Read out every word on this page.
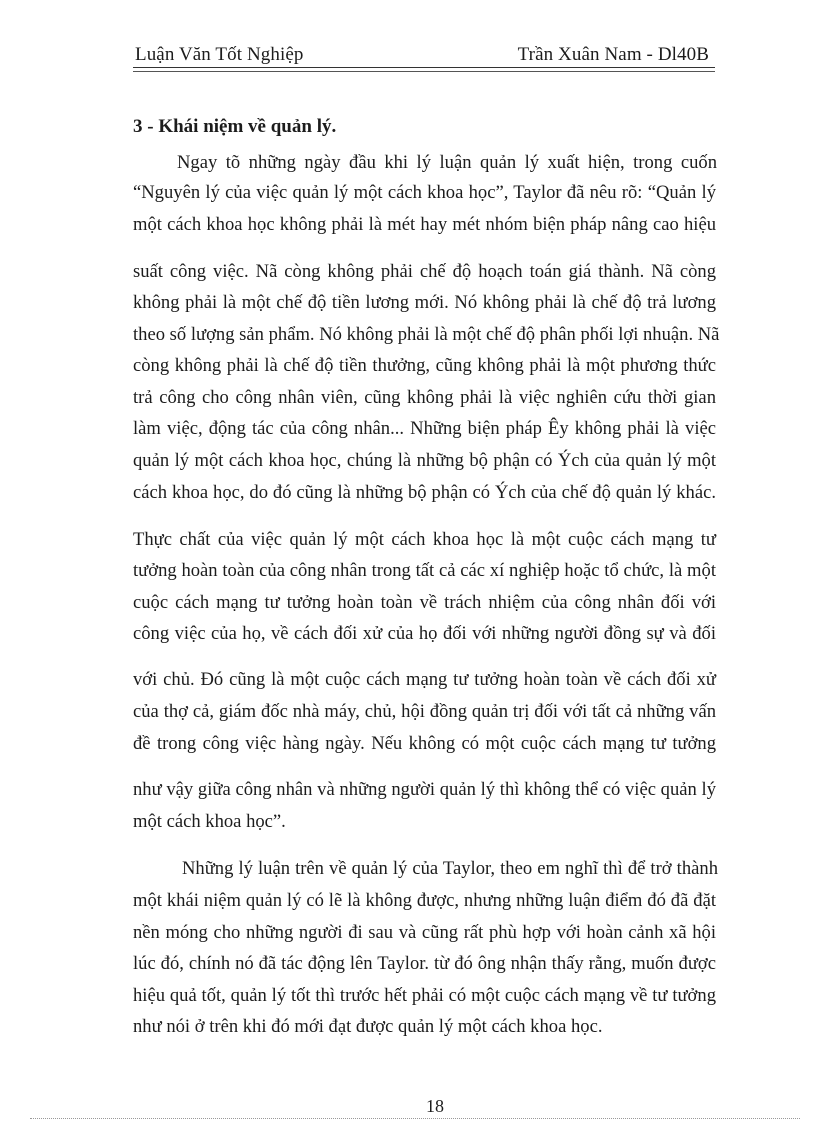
Luận Văn Tốt Nghiệp	Trần Xuân Nam - Dl40B
3 - Khái niệm về quản lý.
Ngay tõ những ngày đầu khi lý luận quản lý xuất hiện, trong cuốn
“Nguyên lý của việc quản lý một cách khoa học”, Taylor đã nêu rõ: “Quản lý
một cách khoa học không phải là mét hay mét nhóm biện pháp nâng cao hiệu
suất công việc. Nã còng không phải chế độ hoạch toán giá thành. Nã còng
không phải là một chế độ tiền lương mới. Nó không phải là chế độ trả lương
theo số lượng sản phẩm. Nó không phải là một chế độ phân phối lợi nhuận. Nã
còng không phải là chế độ tiền thưởng, cũng không phải là một phương thức
trả công cho công nhân viên, cũng không phải là việc nghiên cứu thời gian
làm việc, động tác của công nhân... Những biện pháp Êy không phải là việc
quản lý một cách khoa học, chúng là những bộ phận có Ých của quản lý một
cách khoa học, do đó cũng là những bộ phận có Ých của chế độ quản lý khác.
Thực chất của việc quản lý một cách khoa học là một cuộc cách mạng tư
tưởng hoàn toàn của công nhân trong tất cả các xí nghiệp hoặc tổ chức, là một
cuộc cách mạng tư tưởng hoàn toàn về trách nhiệm của công nhân đối với
công việc của họ, về cách đối xử của họ đối với những người đồng sự và đối
với chủ. Đó cũng là một cuộc cách mạng tư tưởng hoàn toàn về cách đối xử
của thợ cả, giám đốc nhà máy, chủ, hội đồng quản trị đối với tất cả những vấn
đề trong công việc hàng ngày. Nếu không có một cuộc cách mạng tư tưởng
như vậy giữa công nhân và những người quản lý thì không thể có việc quản lý
một cách khoa học”.
Những lý luận trên về quản lý của Taylor, theo em nghĩ thì để trở thành
một khái niệm quản lý có lẽ là không được, nhưng những luận điểm đó đã đặt
nền móng cho những người đi sau và cũng rất phù hợp với hoàn cảnh xã hội
lúc đó, chính nó đã tác động lên Taylor. từ đó ông nhận thấy rằng, muốn được
hiệu quả tốt, quản lý tốt thì trước hết phải có một cuộc cách mạng về tư tưởng
như nói ở trên khi đó mới đạt được quản lý một cách khoa học.
18
